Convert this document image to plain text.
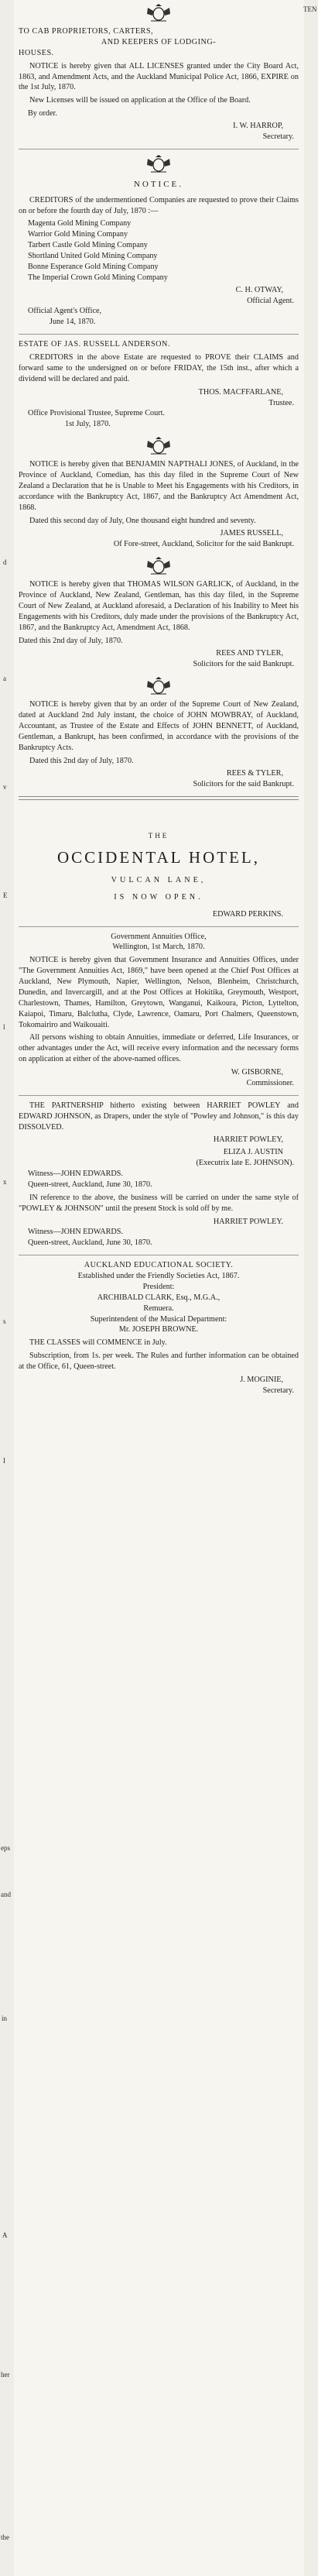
TEN
d
a
v
E
l
x
s
I
eps
and
in
A
her
the
TO CAB PROPRIETORS, CARTERS,
AND KEEPERS OF LODGING-
HOUSES.
NOTICE is hereby given that ALL LICENSES granted under the City Board Act, 1863, and Amendment Acts, and the Auckland Municipal Police Act, 1866, EXPIRE on the 1st July, 1870.
New Licenses will be issued on application at the Office of the Board.
By order.
I. W. HARROP,
Secretary.
NOTICE.
CREDITORS of the undermentioned Companies are requested to prove their Claims on or before the fourth day of July, 1870 :—
Magenta Gold Mining Company
Warrior Gold Mining Company
Tarbert Castle Gold Mining Company
Shortland United Gold Mining Company
Bonne Esperance Gold Mining Company
The Imperial Crown Gold Mining Company
C. H. OTWAY,
Official Agent.
Official Agent's Office,
June 14, 1870.
ESTATE OF JAS. RUSSELL ANDERSON.
CREDITORS in the above Estate are requested to PROVE their CLAIMS and forward same to the undersigned on or before FRIDAY, the 15th inst., after which a dividend will be declared and paid.
THOS. MACFFARLANE,
Trustee.
Office Provisional Trustee, Supreme Court.
1st July, 1870.
NOTICE is hereby given that BENJAMIN NAPTHALI JONES, of Auckland, in the Province of Auckland, Comedian, has this day filed in the Supreme Court of New Zealand a Declaration that he is Unable to Meet his Engagements with his Creditors, in accordance with the Bankruptcy Act, 1867, and the Bankruptcy Act Amendment Act, 1868.
Dated this second day of July, One thousand eight hundred and seventy.
JAMES RUSSELL,
Of Fore-street, Auckland, Solicitor for the said Bankrupt.
NOTICE is hereby given that THOMAS WILSON GARLICK, of Auckland, in the Province of Auckland, New Zealand, Gentleman, has this day filed, in the Supreme Court of New Zealand, at Auckland aforesaid, a Declaration of his Inability to Meet his Engagements with his Creditors, duly made under the provisions of the Bankruptcy Act, 1867, and the Bankruptcy Act, Amendment Act, 1868.
Dated this 2nd day of July, 1870.
REES AND TYLER,
Solicitors for the said Bankrupt.
NOTICE is hereby given that by an order of the Supreme Court of New Zealand, dated at Auckland 2nd July instant, the choice of JOHN MOWBRAY, of Auckland, Accountant, as Trustee of the Estate and Effects of JOHN BENNETT, of Auckland, Gentleman, a Bankrupt, has been confirmed, in accordance with the provisions of the Bankruptcy Acts.
Dated this 2nd day of July, 1870.
REES & TYLER,
Solicitors for the said Bankrupt.
THE
OCCIDENTAL HOTEL,
VULCAN LANE,
IS NOW OPEN.
EDWARD PERKINS.
Government Annuities Office,
Wellington, 1st March, 1870.
NOTICE is hereby given that Government Insurance and Annuities Offices, under "The Government Annuities Act, 1869," have been opened at the Chief Post Offices at Auckland, New Plymouth, Napier, Wellington, Nelson, Blenheim, Christchurch, Dunedin, and Invercargill, and at the Post Offices at Hokitika, Greymouth, Westport, Charlestown, Thames, Hamilton, Greytown, Wanganui, Kaikoura, Picton, Lyttelton, Kaiapoi, Timaru, Balclutha, Clyde, Lawrence, Oamaru, Port Chalmers, Queenstown, Tokomairiro and Waikouaiti.
All persons wishing to obtain Annuities, immediate or deferred, Life Insurances, or other advantages under the Act, will receive every information and the necessary forms on application at either of the above-named offices.
W. GISBORNE,
Commissioner.
THE PARTNERSHIP hitherto existing between HARRIET POWLEY and EDWARD JOHNSON, as Drapers, under the style of "Powley and Johnson," is this day DISSOLVED.
HARRIET POWLEY,
ELIZA J. AUSTIN
(Executrix late E. JOHNSON).
Witness—JOHN EDWARDS.
Queen-street, Auckland, June 30, 1870.
IN reference to the above, the business will be carried on under the same style of "POWLEY & JOHNSON" until the present Stock is sold off by me.
HARRIET POWLEY.
Witness—JOHN EDWARDS.
Queen-street, Auckland, June 30, 1870.
AUCKLAND EDUCATIONAL SOCIETY.
Established under the Friendly Societies Act, 1867.
President:
ARCHIBALD CLARK, Esq., M.G.A.,
Remuera.
Superintendent of the Musical Department:
Mr. JOSEPH BROWNE.
THE CLASSES will COMMENCE in July.
Subscription, from 1s. per week. The Rules and further information can be obtained at the Office, 61, Queen-street.
J. MOGINIE,
Secretary.
